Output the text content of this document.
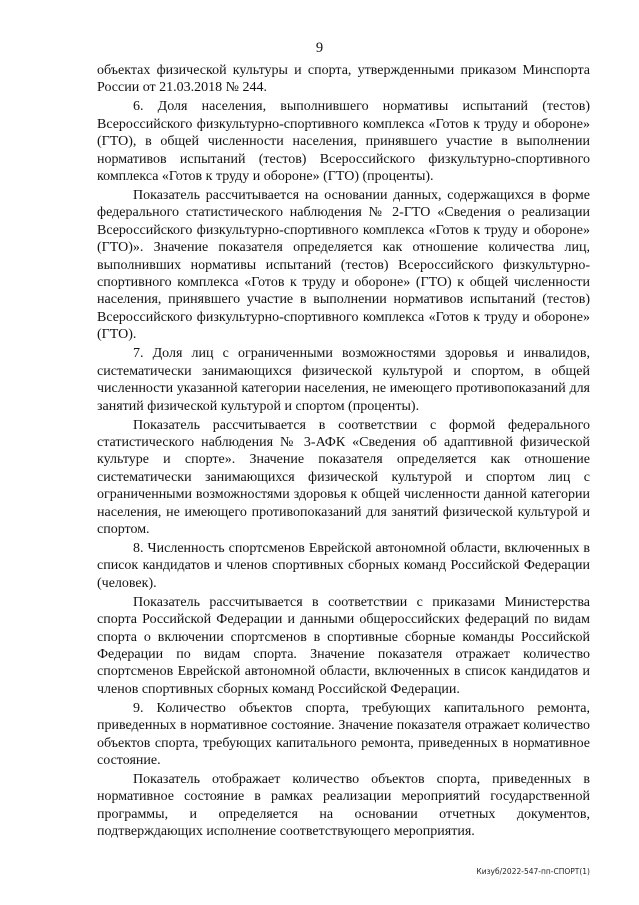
9

объектах физической культуры и спорта, утвержденными приказом Минспорта России от 21.03.2018 № 244.

6. Доля населения, выполнившего нормативы испытаний (тестов) Всероссийского физкультурно-спортивного комплекса «Готов к труду и обороне» (ГТО), в общей численности населения, принявшего участие в выполнении нормативов испытаний (тестов) Всероссийского физкультурно-спортивного комплекса «Готов к труду и обороне» (ГТО) (проценты).

Показатель рассчитывается на основании данных, содержащихся в форме федерального статистического наблюдения № 2-ГТО «Сведения о реализации Всероссийского физкультурно-спортивного комплекса «Готов к труду и обороне» (ГТО)». Значение показателя определяется как отношение количества лиц, выполнивших нормативы испытаний (тестов) Всероссийского физкультурно-спортивного комплекса «Готов к труду и обороне» (ГТО) к общей численности населения, принявшего участие в выполнении нормативов испытаний (тестов) Всероссийского физкультурно-спортивного комплекса «Готов к труду и обороне» (ГТО).

7. Доля лиц с ограниченными возможностями здоровья и инвалидов, систематически занимающихся физической культурой и спортом, в общей численности указанной категории населения, не имеющего противопоказаний для занятий физической культурой и спортом (проценты).

Показатель рассчитывается в соответствии с формой федерального статистического наблюдения № 3-АФК «Сведения об адаптивной физической культуре и спорте». Значение показателя определяется как отношение систематически занимающихся физической культурой и спортом лиц с ограниченными возможностями здоровья к общей численности данной категории населения, не имеющего противопоказаний для занятий физической культурой и спортом.

8. Численность спортсменов Еврейской автономной области, включенных в список кандидатов и членов спортивных сборных команд Российской Федерации (человек).

Показатель рассчитывается в соответствии с приказами Министерства спорта Российской Федерации и данными общероссийских федераций по видам спорта о включении спортсменов в спортивные сборные команды Российской Федерации по видам спорта. Значение показателя отражает количество спортсменов Еврейской автономной области, включенных в список кандидатов и членов спортивных сборных команд Российской Федерации.

9. Количество объектов спорта, требующих капитального ремонта, приведенных в нормативное состояние. Значение показателя отражает количество объектов спорта, требующих капитального ремонта, приведенных в нормативное состояние.

Показатель отображает количество объектов спорта, приведенных в нормативное состояние в рамках реализации мероприятий государственной программы, и определяется на основании отчетных документов, подтверждающих исполнение соответствующего мероприятия.

Кизуб/2022-547-пп-СПОРТ(1)
